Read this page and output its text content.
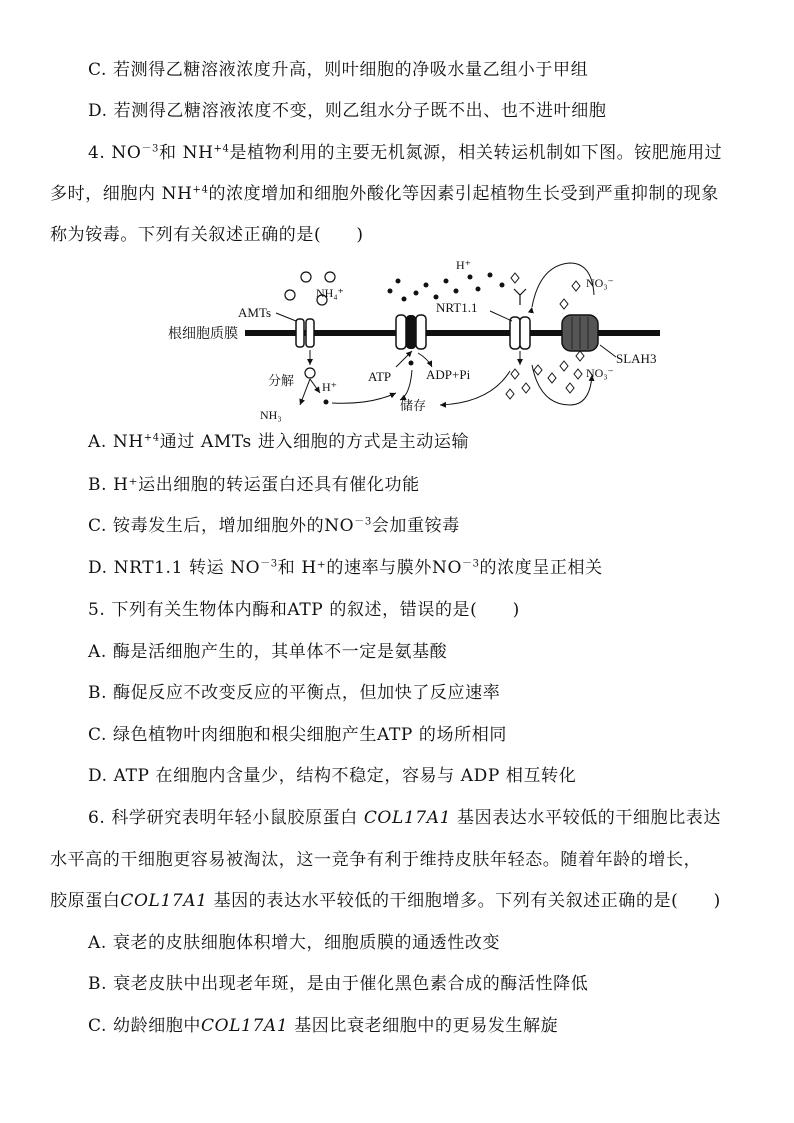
C. 若测得乙糖溶液浓度升高，则叶细胞的净吸水量乙组小于甲组
D. 若测得乙糖溶液浓度不变，则乙组水分子既不出、也不进叶细胞
4. $NO^{-3}$和 $NH^{+4}$是植物利用的主要无机氮源，相关转运机制如下图。铵肥施用过
多时，细胞内 $NH^{+4}$的浓度增加和细胞外酸化等因素引起植物生长受到严重抑制的现象
称为铵毒。下列有关叙述正确的是(　　)
根细胞质膜
AMTs
NH₄⁺
分解 H⁺
NH₃
H⁺
ATP	ADP+Pi
储存
NRT1.1
NO₃⁻
NO₃⁻
SLAH3
A. $NH^{+4}$通过 AMTs 进入细胞的方式是主动运输
B. H⁺运出细胞的转运蛋白还具有催化功能
C. 铵毒发生后，增加细胞外的$NO^{-3}$会加重铵毒
D. NRT1.1 转运 $NO^{-3}$和 H⁺的速率与膜外$NO^{-3}$的浓度呈正相关
5. 下列有关生物体内酶和ATP 的叙述，错误的是(　　)
A. 酶是活细胞产生的，其单体不一定是氨基酸
B. 酶促反应不改变反应的平衡点，但加快了反应速率
C. 绿色植物叶肉细胞和根尖细胞产生ATP 的场所相同
D. ATP 在细胞内含量少，结构不稳定，容易与 ADP 相互转化
6. 科学研究表明年轻小鼠胶原蛋白 COL17A1 基因表达水平较低的干细胞比表达
水平高的干细胞更容易被淘汰，这一竞争有利于维持皮肤年轻态。随着年龄的增长，
胶原蛋白COL17A1 基因的表达水平较低的干细胞增多。下列有关叙述正确的是(　　)
A. 衰老的皮肤细胞体积增大，细胞质膜的通透性改变
B. 衰老皮肤中出现老年斑，是由于催化黑色素合成的酶活性降低
C. 幼龄细胞中COL17A1 基因比衰老细胞中的更易发生解旋
